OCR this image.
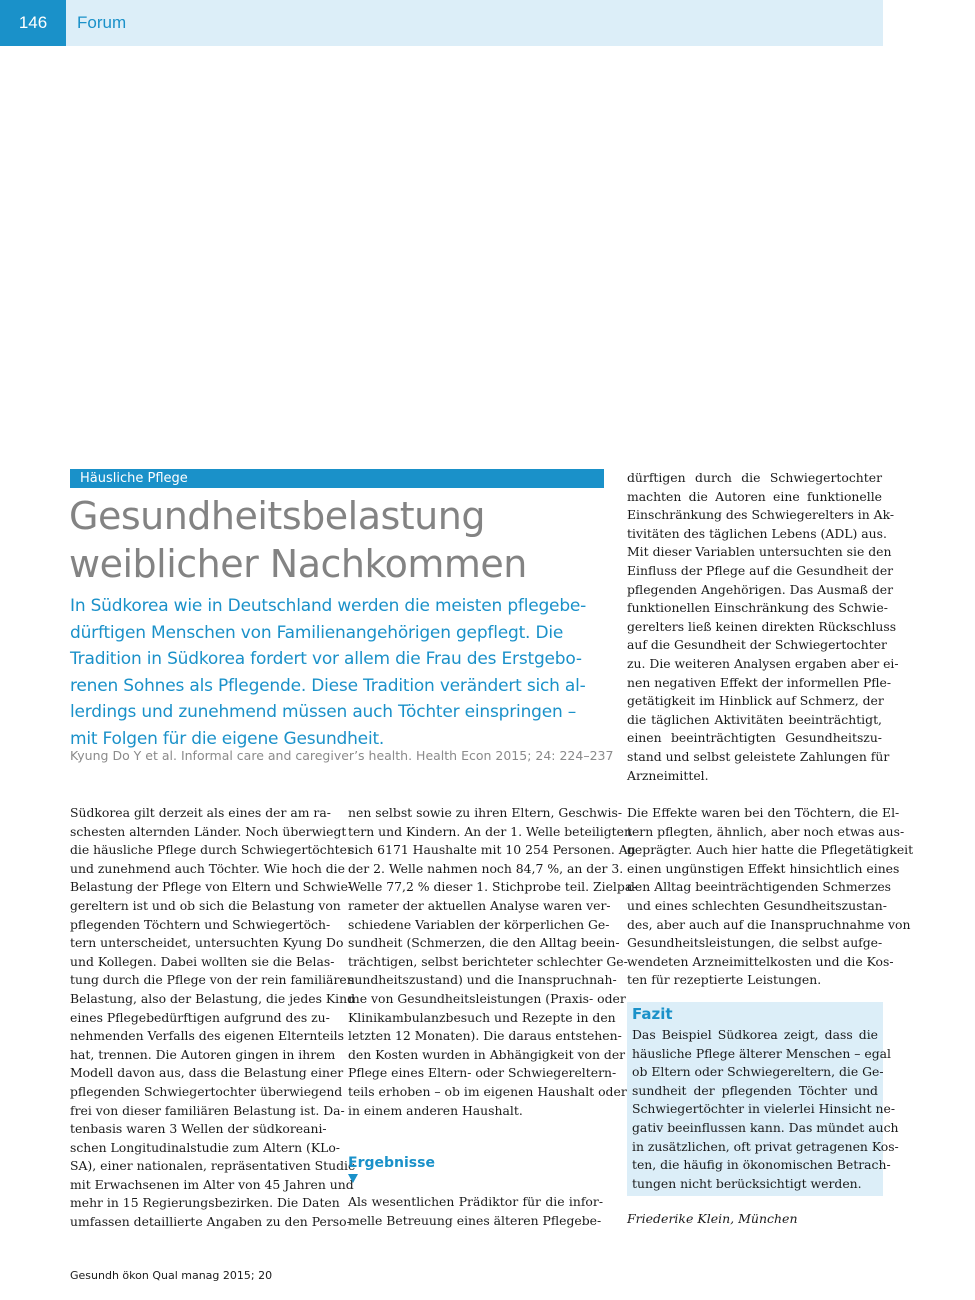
146	Forum
Häusliche Pflege
Gesundheitsbelastung
weiblicher Nachkommen
In Südkorea wie in Deutschland werden die meisten pflegebe-
dürftigen Menschen von Familienangehörigen gepflegt. Die
Tradition in Südkorea fordert vor allem die Frau des Erstgebo-
renen Sohnes als Pflegende. Diese Tradition verändert sich al-
lerdings und zunehmend müssen auch Töchter einspringen –
mit Folgen für die eigene Gesundheit.
Kyung Do Y et al. Informal care and caregiver’s health. Health Econ 2015; 24: 224–237
dürftigen durch die Schwiegertochter
machten die Autoren eine funktionelle
Einschränkung des Schwiegerelters in Ak-
tivitäten des täglichen Lebens (ADL) aus.
Mit dieser Variablen untersuchten sie den
Einfluss der Pflege auf die Gesundheit der
pflegenden Angehörigen. Das Ausmaß der
funktionellen Einschränkung des Schwie-
gerelters ließ keinen direkten Rückschluss
auf die Gesundheit der Schwiegertochter
zu. Die weiteren Analysen ergaben aber ei-
nen negativen Effekt der informellen Pfle-
getätigkeit im Hinblick auf Schmerz, der
die täglichen Aktivitäten beeinträchtigt,
einen beeinträchtigten Gesundheitszu-
stand und selbst geleistete Zahlungen für
Arzneimittel.
Südkorea gilt derzeit als eines der am ra-
schesten alternden Länder. Noch überwiegt
die häusliche Pflege durch Schwiegertöchter
und zunehmend auch Töchter. Wie hoch die
Belastung der Pflege von Eltern und Schwie-
gereltern ist und ob sich die Belastung von
pflegenden Töchtern und Schwiegertöch-
tern unterscheidet, untersuchten Kyung Do
und Kollegen. Dabei wollten sie die Belas-
tung durch die Pflege von der rein familiären
Belastung, also der Belastung, die jedes Kind
eines Pflegebedürftigen aufgrund des zu-
nehmenden Verfalls des eigenen Elternteils
hat, trennen. Die Autoren gingen in ihrem
Modell davon aus, dass die Belastung einer
pflegenden Schwiegertochter überwiegend
frei von dieser familiären Belastung ist. Da-
tenbasis waren 3 Wellen der südkoreani-
schen Longitudinalstudie zum Altern (KLo-
SA), einer nationalen, repräsentativen Studie
mit Erwachsenen im Alter von 45 Jahren und
mehr in 15 Regierungsbezirken. Die Daten
umfassen detaillierte Angaben zu den Perso-
nen selbst sowie zu ihren Eltern, Geschwis-
tern und Kindern. An der 1. Welle beteiligten
sich 6171 Haushalte mit 10 254 Personen. An
der 2. Welle nahmen noch 84,7 %, an der 3.
Welle 77,2 % dieser 1. Stichprobe teil. Zielpa-
rameter der aktuellen Analyse waren ver-
schiedene Variablen der körperlichen Ge-
sundheit (Schmerzen, die den Alltag beein-
trächtigen, selbst berichteter schlechter Ge-
sundheitszustand) und die Inanspruchnah-
me von Gesundheitsleistungen (Praxis- oder
Klinikambulanzbesuch und Rezepte in den
letzten 12 Monaten). Die daraus entstehen-
den Kosten wurden in Abhängigkeit von der
Pflege eines Eltern- oder Schwiegereltern-
teils erhoben – ob im eigenen Haushalt oder
in einem anderen Haushalt.
Ergebnisse
Als wesentlichen Prädiktor für die infor-
melle Betreuung eines älteren Pflegebe-
Die Effekte waren bei den Töchtern, die El-
tern pflegten, ähnlich, aber noch etwas aus-
geprägter. Auch hier hatte die Pflegetätigkeit
einen ungünstigen Effekt hinsichtlich eines
den Alltag beeinträchtigenden Schmerzes
und eines schlechten Gesundheitszustan-
des, aber auch auf die Inanspruchnahme von
Gesundheitsleistungen, die selbst aufge-
wendeten Arzneimittelkosten und die Kos-
ten für rezeptierte Leistungen.
Fazit
Das Beispiel Südkorea zeigt, dass die
häusliche Pflege älterer Menschen – egal
ob Eltern oder Schwiegereltern, die Ge-
sundheit der pflegenden Töchter und
Schwiegertöchter in vielerlei Hinsicht ne-
gativ beeinflussen kann. Das mündet auch
in zusätzlichen, oft privat getragenen Kos-
ten, die häufig in ökonomischen Betrach-
tungen nicht berücksichtigt werden.
Friederike Klein, München
Gesundh ökon Qual manag 2015; 20
